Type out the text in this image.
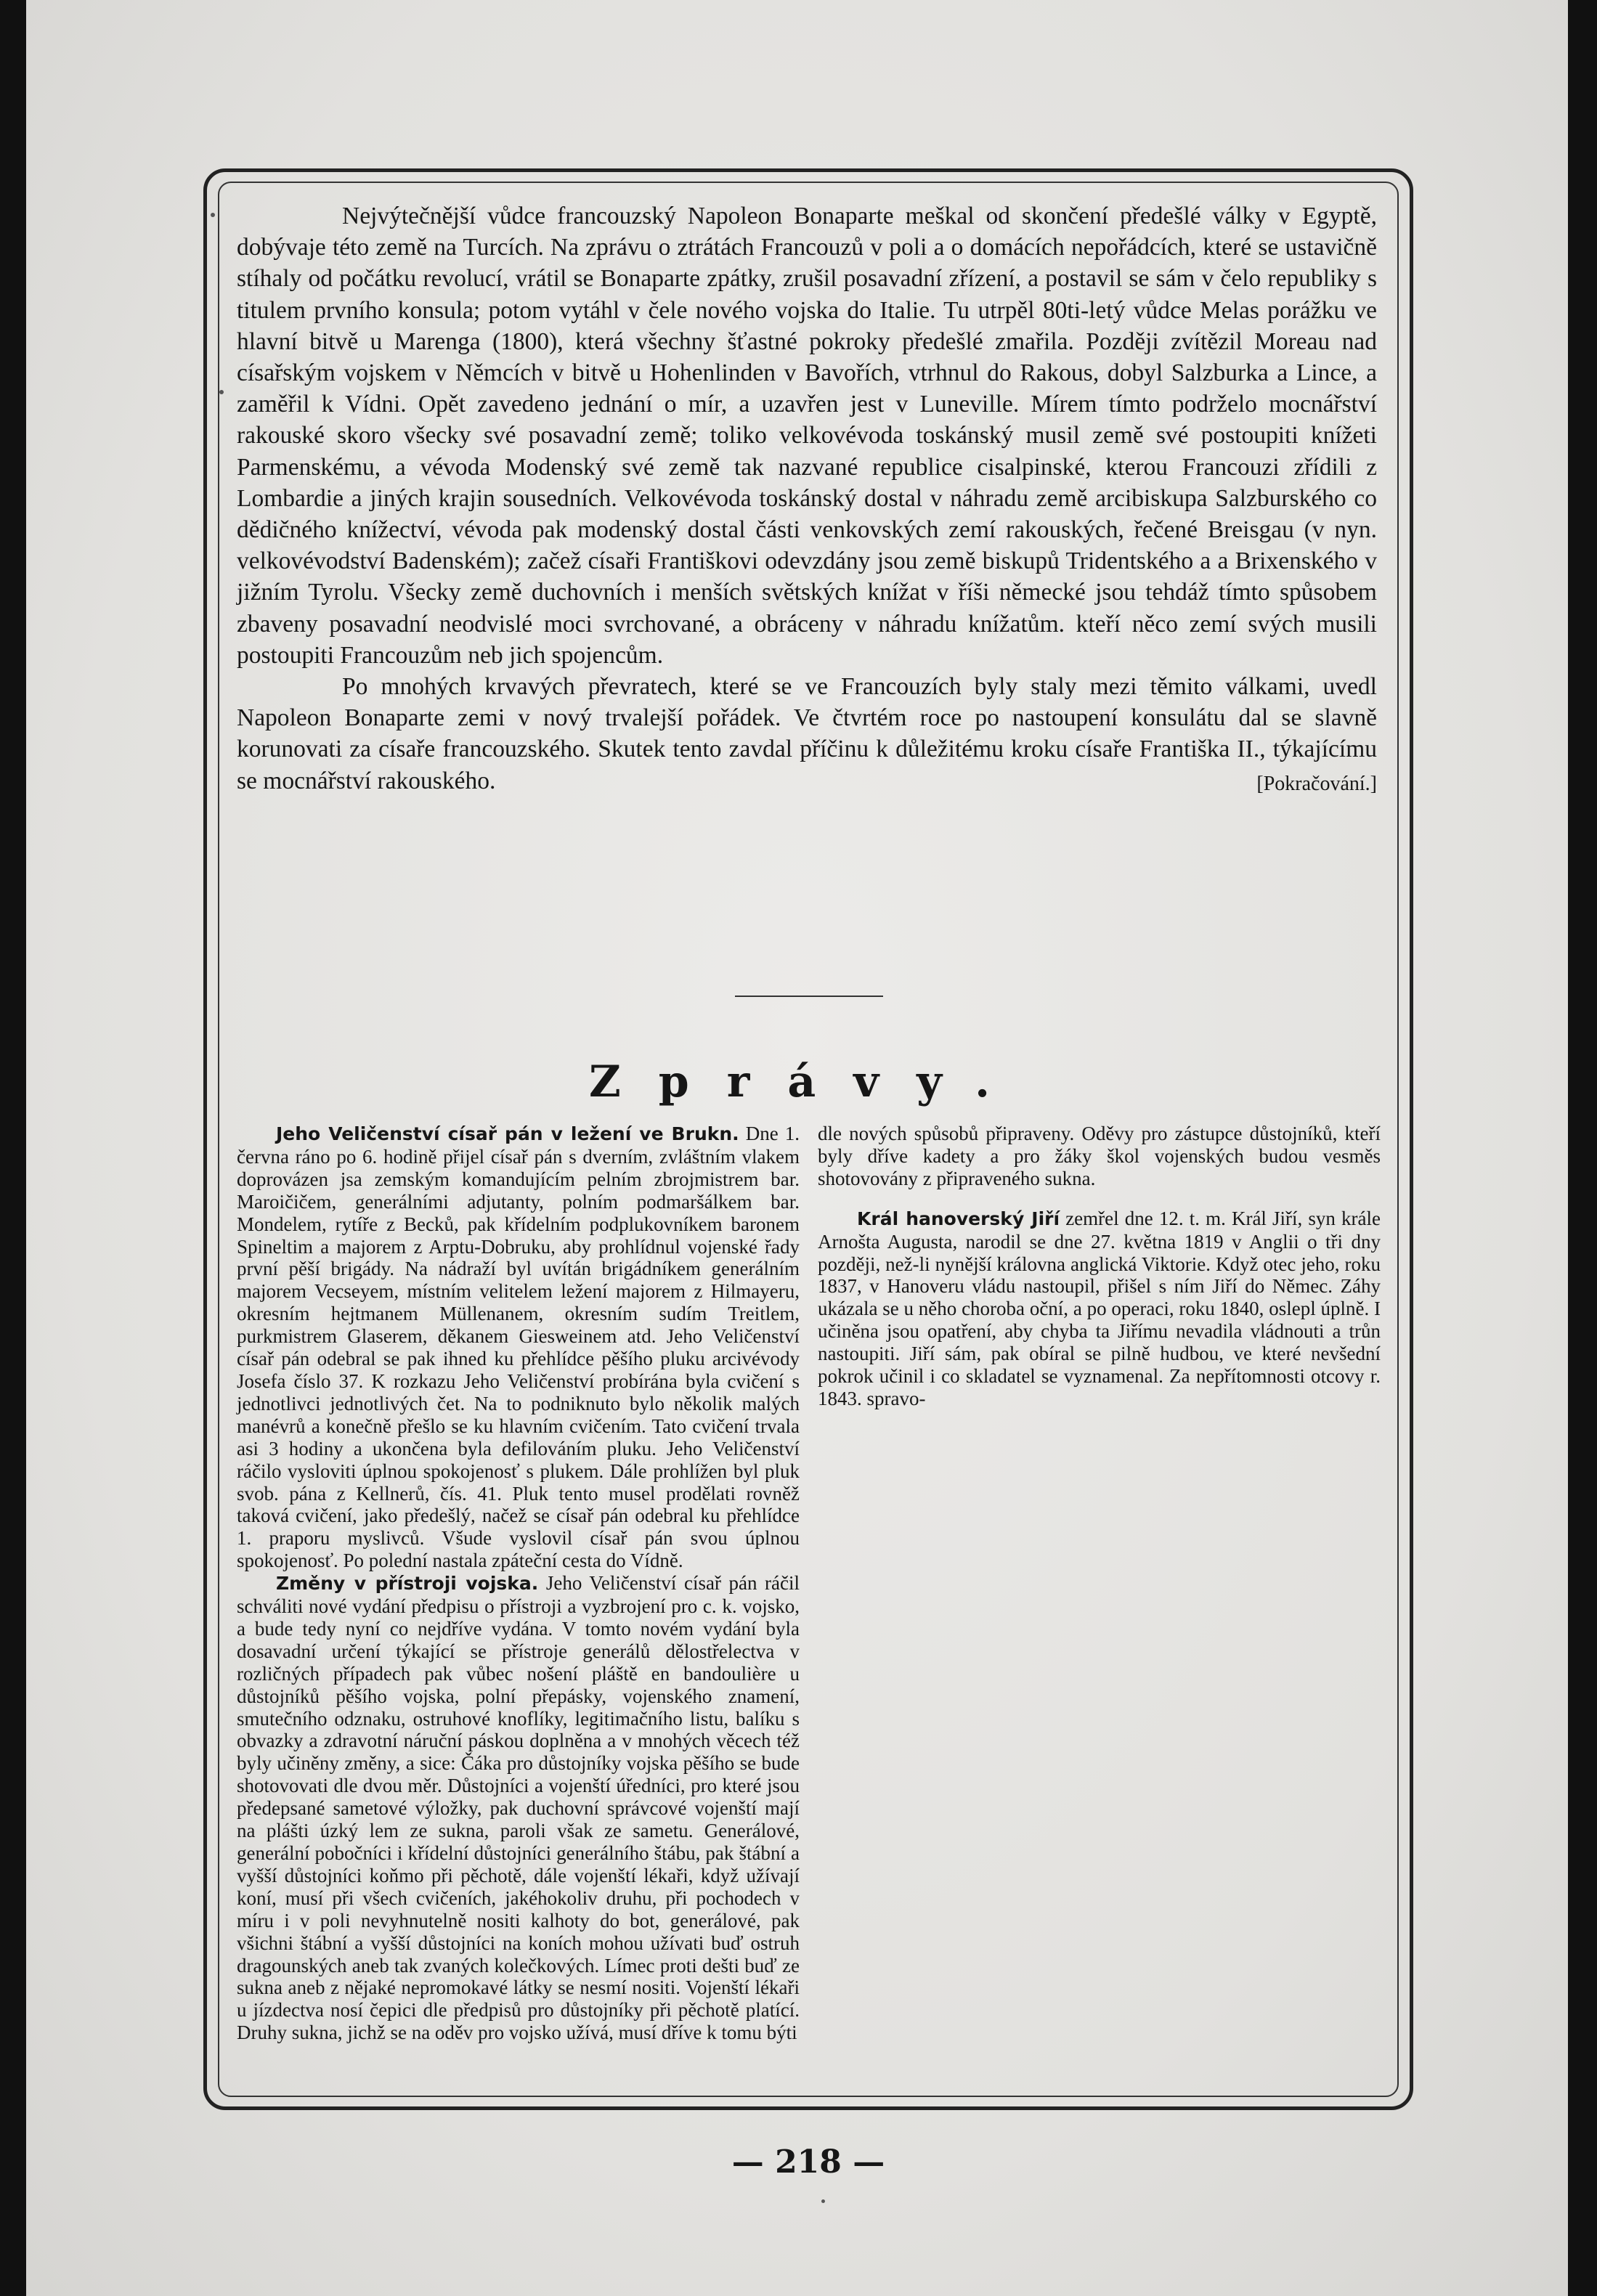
Nejvýtečnější vůdce francouzský Napoleon Bonaparte meškal od skončení předešlé války v Egyptě, dobývaje této země na Turcích. Na zprávu o ztrátách Francouzů v poli a o domácích nepořádcích, které se ustavičně stíhaly od počátku revolucí, vrátil se Bonaparte zpátky, zrušil posavadní zřízení, a postavil se sám v čelo republiky s titulem prvního konsula; potom vytáhl v čele nového vojska do Italie. Tu utrpěl 80ti-letý vůdce Melas porážku ve hlavní bitvě u Marenga (1800), která všechny šťastné pokroky předešlé zmařila. Později zvítězil Moreau nad císařským vojskem v Němcích v bitvě u Hohenlinden v Bavořích, vtrhnul do Rakous, dobyl Salzburka a Lince, a zaměřil k Vídni. Opět zavedeno jednání o mír, a uzavřen jest v Luneville. Mírem tímto podrželo mocnářství rakouské skoro všecky své posavadní země; toliko velkovévoda toskánský musil země své postoupiti knížeti Parmenskému, a vévoda Modenský své země tak nazvané republice cisalpinské, kterou Francouzi zřídili z Lombardie a jiných krajin sousedních. Velkovévoda toskánský dostal v náhradu země arcibiskupa Salzburského co dědičného knížectví, vévoda pak modenský dostal části venkovských zemí rakouských, řečené Breisgau (v nyn. velkovévodství Badenském); začež císaři Františkovi odevzdány jsou země biskupů Tridentského a a Brixenského v jižním Tyrolu. Všecky země duchovních i menších světských knížat v říši německé jsou tehdáž tímto spůsobem zbaveny posavadní neodvislé moci svrchované, a obráceny v náhradu knížatům. kteří něco zemí svých musili postoupiti Francouzům neb jich spojencům.

Po mnohých krvavých převratech, které se ve Francouzích byly staly mezi těmito válkami, uvedl Napoleon Bonaparte zemi v nový trvalejší pořádek. Ve čtvrtém roce po nastoupení konsulátu dal se slavně korunovati za císaře francouzského. Skutek tento zavdal příčinu k důležitému kroku císaře Františka II., týkajícímu se mocnářství rakouského.	[Pokračování.]

Zprávy.

Jeho Veličenství císař pán v ležení ve Brukn. Dne 1. června ráno po 6. hodině přijel císař pán s dverním, zvláštním vlakem doprovázen jsa zemským komandujícím pelním zbrojmistrem bar. Maroičičem, generálními adjutanty, polním podmaršálkem bar. Mondelem, rytíře z Becků, pak křídelním podplukovníkem baronem Spineltim a majorem z Arptu-Dobruku, aby prohlídnul vojenské řady první pěší brigády. Na nádraží byl uvítán brigádníkem generálním majorem Vecseyem, místním velitelem ležení majorem z Hilmayeru, okresním hejtmanem Müllenanem, okresním sudím Treitlem, purkmistrem Glaserem, děkanem Giesweinem atd. Jeho Veličenství císař pán odebral se pak ihned ku přehlídce pěšího pluku arcivévody Josefa číslo 37. K rozkazu Jeho Veličenství probírána byla cvičení s jednotlivci jednotlivých čet. Na to podniknuto bylo několik malých manévrů a konečně přešlo se ku hlavním cvičením. Tato cvičení trvala asi 3 hodiny a ukončena byla defilováním pluku. Jeho Veličenství ráčilo vysloviti úplnou spokojenosť s plukem. Dále prohlížen byl pluk svob. pána z Kellnerů, čís. 41. Pluk tento musel prodělati rovněž taková cvičení, jako předešlý, načež se císař pán odebral ku přehlídce 1. praporu myslivců. Všude vyslovil císař pán svou úplnou spokojenosť. Po polední nastala zpáteční cesta do Vídně.

Změny v přístroji vojska. Jeho Veličenství císař pán ráčil schváliti nové vydání předpisu o přístroji a vyzbrojení pro c. k. vojsko, a bude tedy nyní co nejdříve vydána. V tomto novém vydání byla dosavadní určení týkající se přístroje generálů dělostřelectva v rozličných případech pak vůbec nošení pláště en bandoulière u důstojníků pěšího vojska, polní přepásky, vojenského znamení, smutečního odznaku, ostruhové knoflíky, legitimačního listu, balíku s obvazky a zdravotní náruční páskou doplněna a v mnohých věcech též byly učiněny změny, a sice: Čáka pro důstojníky vojska pěšího se bude shotovovati dle dvou měr. Důstojníci a vojenští úředníci, pro které jsou předepsané sametové výložky, pak duchovní správcové vojenští mají na plášti úzký lem ze sukna, paroli však ze sametu. Generálové, generální pobočníci i křídelní důstojníci generálního štábu, pak štábní a vyšší důstojníci koňmo při pěchotě, dále vojenští lékaři, když užívají koní, musí při všech cvičeních, jakéhokoliv druhu, při pochodech v míru i v poli nevyhnutelně nositi kalhoty do bot, generálové, pak všichni štábní a vyšší důstojníci na koních mohou užívati buď ostruh dragounských aneb tak zvaných kolečkových. Límec proti dešti buď ze sukna aneb z nějaké nepromokavé látky se nesmí nositi. Vojenští lékaři u jízdectva nosí čepici dle předpisů pro důstojníky při pěchotě platící. Druhy sukna, jichž se na oděv pro vojsko užívá, musí dříve k tomu býti

dle nových spůsobů připraveny. Oděvy pro zástupce důstojníků, kteří byly dříve kadety a pro žáky škol vojenských budou vesměs shotovovány z připraveného sukna.

Král hanoverský Jiří zemřel dne 12. t. m. Král Jiří, syn krále Arnošta Augusta, narodil se dne 27. května 1819 v Anglii o tři dny později, než-li nynější královna anglická Viktorie. Když otec jeho, roku 1837, v Hanoveru vládu nastoupil, přišel s ním Jiří do Němec. Záhy ukázala se u něho choroba oční, a po operaci, roku 1840, oslepl úplně. I učiněna jsou opatření, aby chyba ta Jiřímu nevadila vládnouti a trůn nastoupiti. Jiří sám, pak obíral se pilně hudbou, ve které nevšední pokrok učinil i co skladatel se vyznamenal. Za nepřítomnosti otcovy r. 1843. spravo-

— 218 —
